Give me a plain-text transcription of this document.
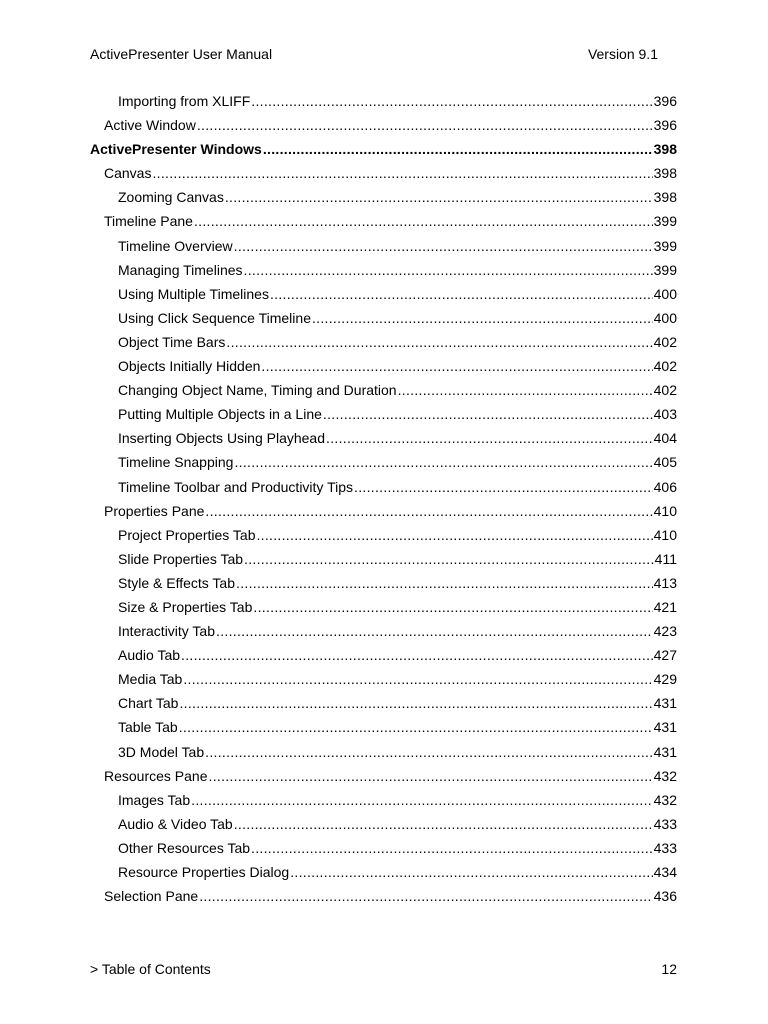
ActivePresenter User Manual	Version 9.1
Importing from XLIFF .....	396
Active Window .....	396
ActivePresenter Windows .....	398
Canvas .....	398
Zooming Canvas .....	398
Timeline Pane .....	399
Timeline Overview .....	399
Managing Timelines .....	399
Using Multiple Timelines .....	400
Using Click Sequence Timeline .....	400
Object Time Bars .....	402
Objects Initially Hidden .....	402
Changing Object Name, Timing and Duration .....	402
Putting Multiple Objects in a Line .....	403
Inserting Objects Using Playhead .....	404
Timeline Snapping .....	405
Timeline Toolbar and Productivity Tips .....	406
Properties Pane .....	410
Project Properties Tab .....	410
Slide Properties Tab .....	411
Style & Effects Tab .....	413
Size & Properties Tab .....	421
Interactivity Tab .....	423
Audio Tab .....	427
Media Tab .....	429
Chart Tab .....	431
Table Tab .....	431
3D Model Tab .....	431
Resources Pane .....	432
Images Tab .....	432
Audio & Video Tab .....	433
Other Resources Tab .....	433
Resource Properties Dialog .....	434
Selection Pane .....	436
> Table of Contents	12
